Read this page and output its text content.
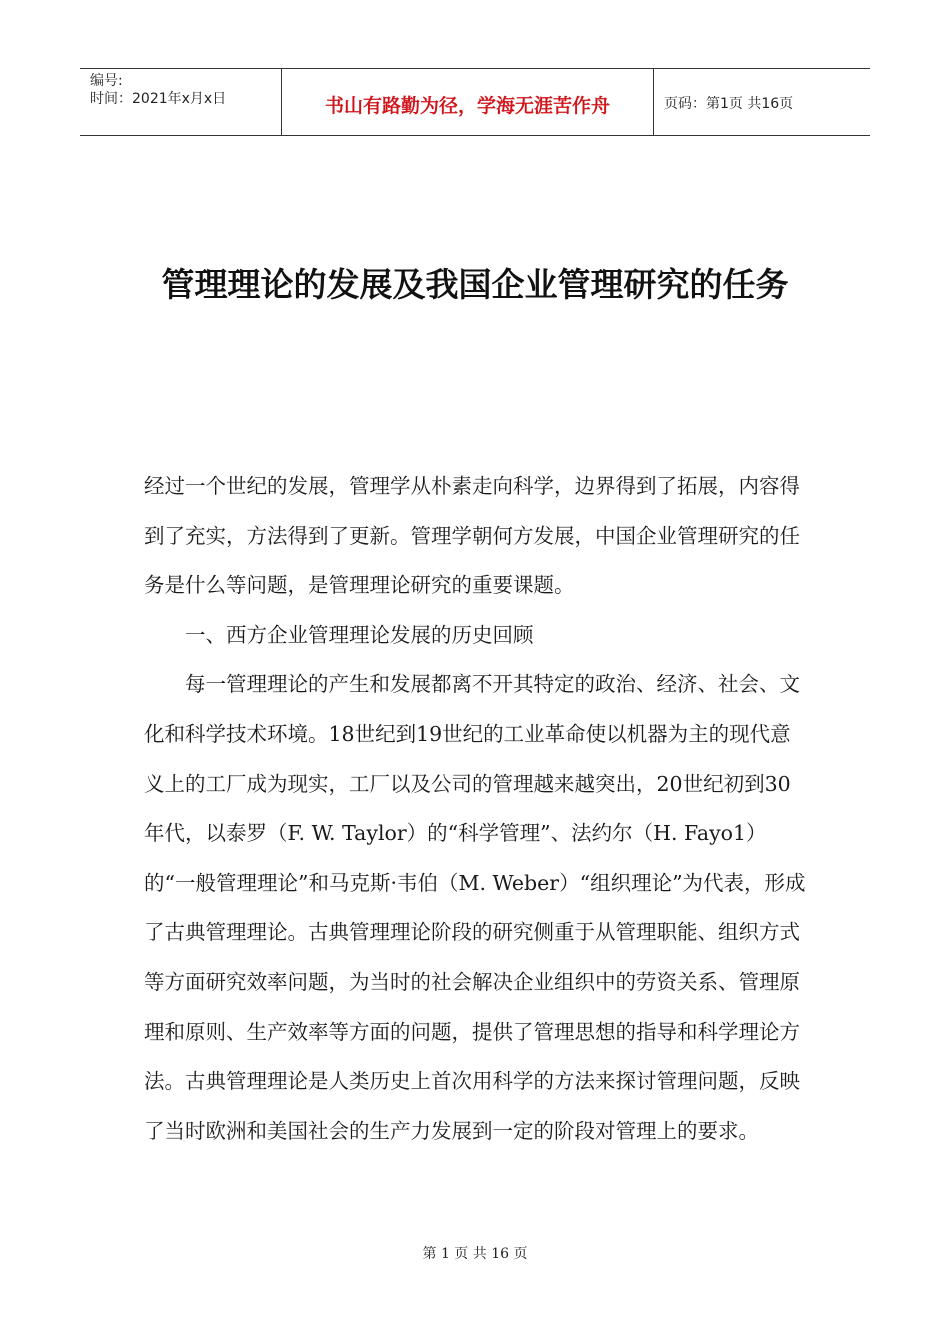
编号:
时间：2021年x月x日	书山有路勤为径，学海无涯苦作舟	页码：第1页 共16页
管理理论的发展及我国企业管理研究的任务

经过一个世纪的发展，管理学从朴素走向科学，边界得到了拓展，内容得到了充实，方法得到了更新。管理学朝何方发展，中国企业管理研究的任务是什么等问题，是管理理论研究的重要课题。

一、西方企业管理理论发展的历史回顾

每一管理理论的产生和发展都离不开其特定的政治、经济、社会、文化和科学技术环境。18世纪到19世纪的工业革命使以机器为主的现代意义上的工厂成为现实，工厂以及公司的管理越来越突出，20世纪初到30年代，以泰罗（F. W. Taylor）的“科学管理”、法约尔（H. Fayo1）的“一般管理理论”和马克斯·韦伯（M. Weber）“组织理论”为代表，形成了古典管理理论。古典管理理论阶段的研究侧重于从管理职能、组织方式等方面研究效率问题，为当时的社会解决企业组织中的劳资关系、管理原理和原则、生产效率等方面的问题，提供了管理思想的指导和科学理论方法。古典管理理论是人类历史上首次用科学的方法来探讨管理问题，反映了当时欧洲和美国社会的生产力发展到一定的阶段对管理上的要求。

第 1 页 共 16 页
